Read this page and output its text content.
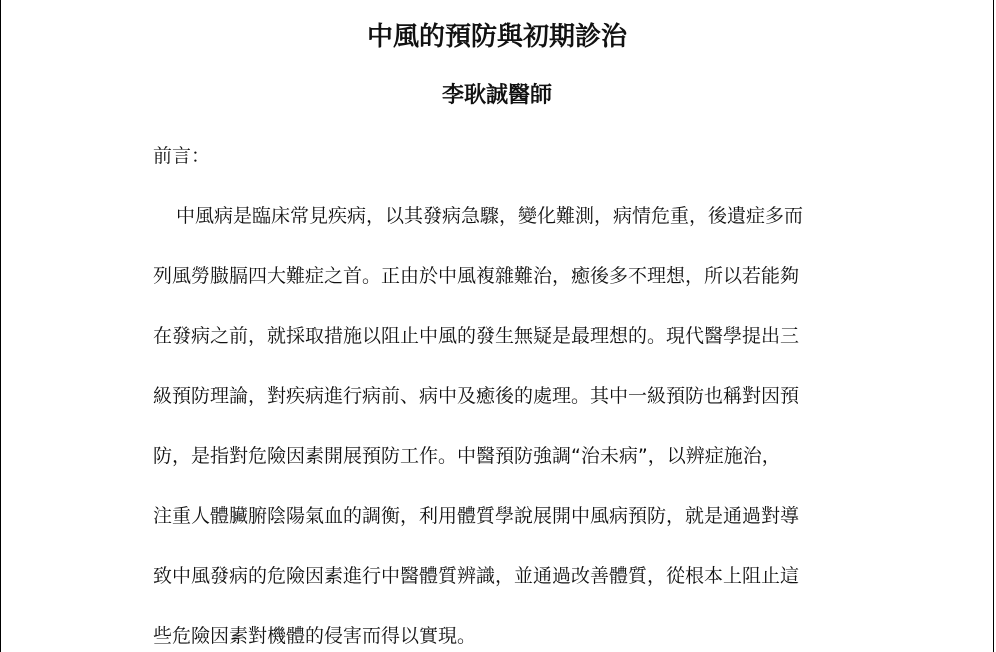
中風的預防與初期診治
李耿誠醫師

前言：

中風病是臨床常見疾病，以其發病急驟，變化難測，病情危重，後遺症多而

列風勞臌膈四大難症之首。正由於中風複雜難治，癒後多不理想，所以若能夠

在發病之前，就採取措施以阻止中風的發生無疑是最理想的。現代醫學提出三

級預防理論，對疾病進行病前、病中及癒後的處理。其中一級預防也稱對因預

防，是指對危險因素開展預防工作。中醫預防強調“治未病”，以辨症施治，

注重人體臟腑陰陽氣血的調衡，利用體質學說展開中風病預防，就是通過對導

致中風發病的危險因素進行中醫體質辨識，並通過改善體質，從根本上阻止這

些危險因素對機體的侵害而得以實現。
